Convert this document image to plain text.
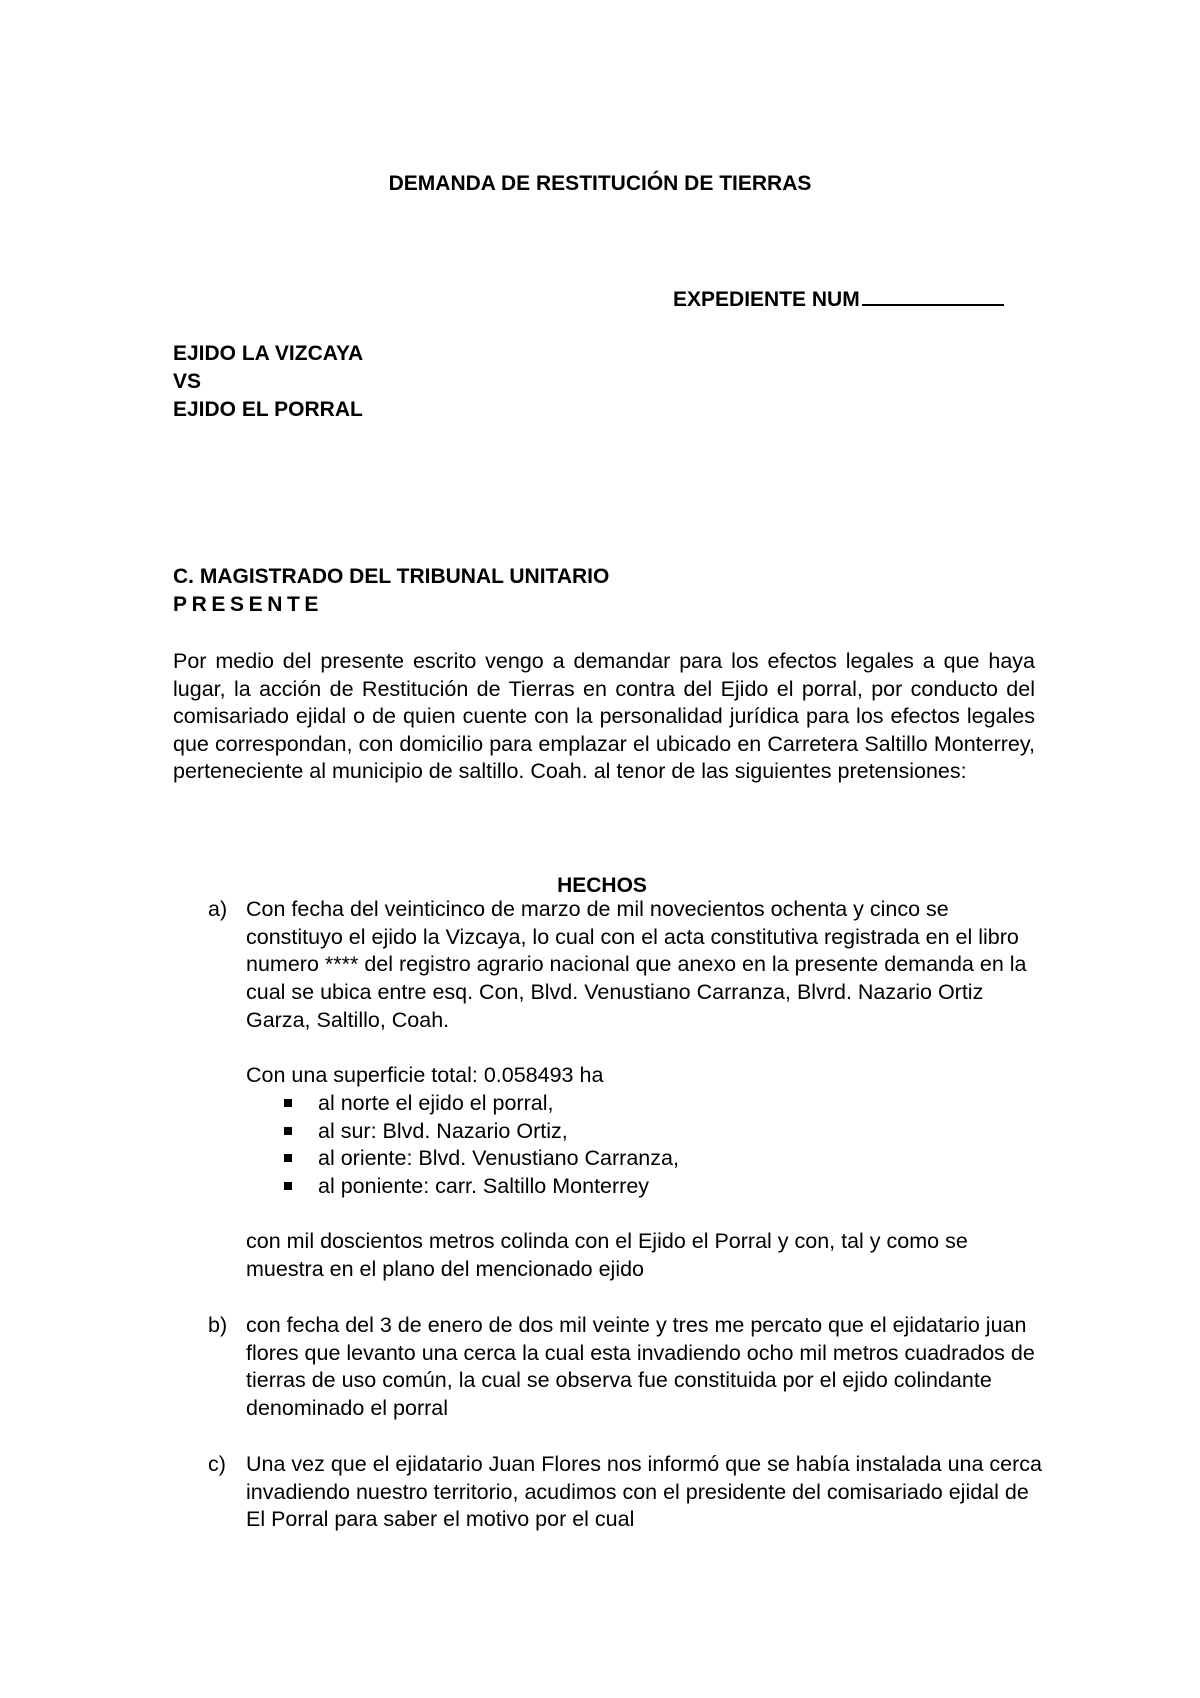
DEMANDA DE RESTITUCIÓN DE TIERRAS
EXPEDIENTE NUM
EJIDO LA VIZCAYA
VS
EJIDO EL PORRAL
C. MAGISTRADO DEL TRIBUNAL UNITARIO
PRESENTE
Por medio del presente escrito vengo a demandar para los efectos legales a que haya lugar, la acción de Restitución de Tierras en contra del Ejido el porral, por conducto del comisariado ejidal o de quien cuente con la personalidad jurídica para los efectos legales que correspondan, con domicilio para emplazar el ubicado en Carretera Saltillo Monterrey, perteneciente al municipio de saltillo. Coah. al tenor de las siguientes pretensiones:
HECHOS
a) Con fecha del veinticinco de marzo de mil novecientos ochenta y cinco se constituyo el ejido la Vizcaya, lo cual con el acta constitutiva registrada en el libro numero **** del registro agrario nacional que anexo en la presente demanda en la cual se ubica entre esq. Con, Blvd. Venustiano Carranza, Blvrd. Nazario Ortiz Garza, Saltillo, Coah.

Con una superficie total: 0.058493 ha

al norte el ejido el porral,
al sur: Blvd. Nazario Ortiz,
al oriente: Blvd. Venustiano Carranza,
al poniente: carr. Saltillo Monterrey

con mil doscientos metros colinda con el Ejido el Porral y con, tal y como se muestra en el plano del mencionado ejido

b) con fecha del 3 de enero de dos mil veinte y tres me percato que el ejidatario juan flores que levanto una cerca la cual esta invadiendo ocho mil metros cuadrados de tierras de uso común, la cual se observa fue constituida por el ejido colindante denominado el porral

c) Una vez que el ejidatario Juan Flores nos informó que se había instalada una cerca invadiendo nuestro territorio, acudimos con el presidente del comisariado ejidal de El Porral para saber el motivo por el cual
